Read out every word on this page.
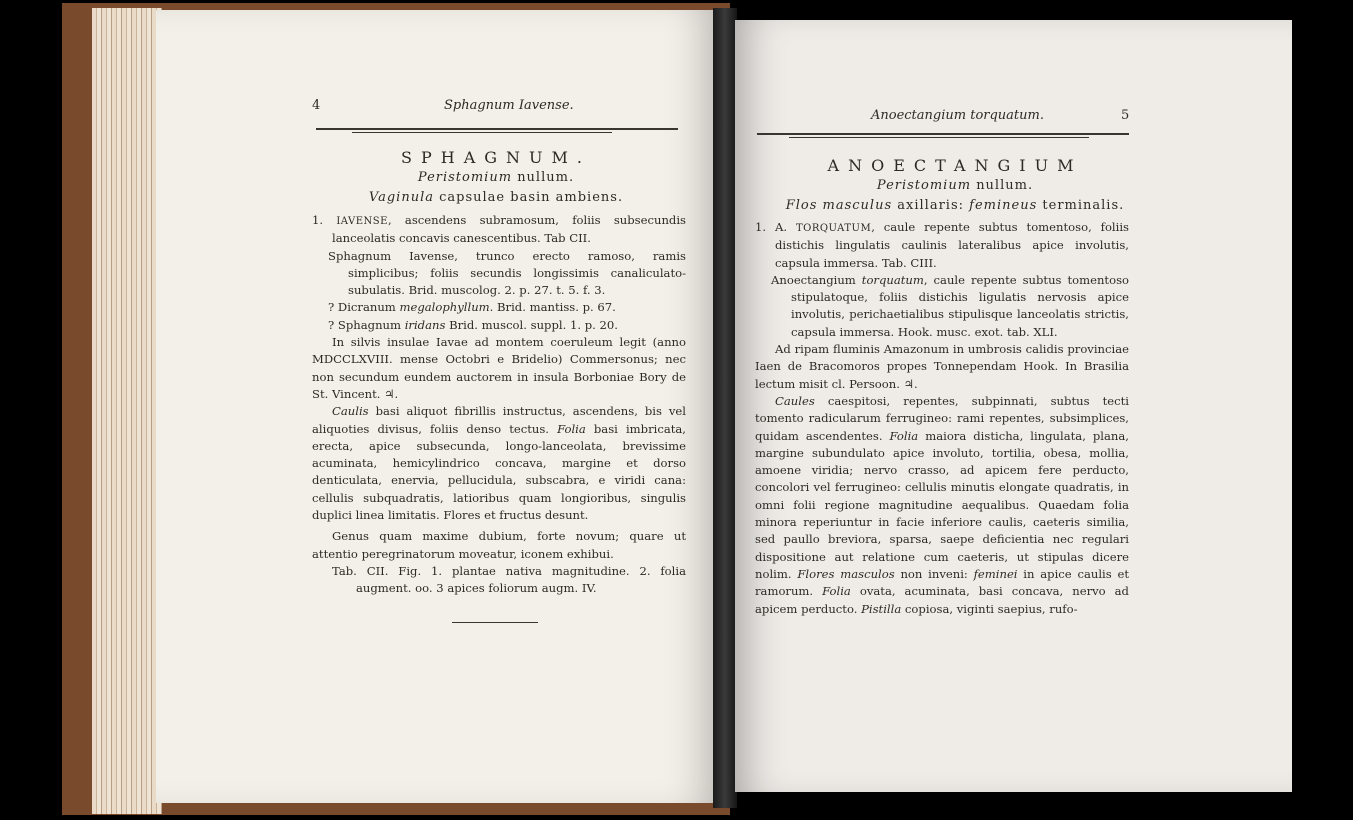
4	Sphagnum Iavense.
SPHAGNUM.
Peristomium nullum.
Vaginula capsulae basin ambiens.

1. IAVENSE, ascendens subramosum, foliis subsecundis lanceolatis concavis canescentibus. Tab CII.

Sphagnum Iavense, trunco erecto ramoso, ramis simplicibus; foliis secundis longissimis canaliculato-subulatis. Brid. muscolog. 2. p. 27. t. 5. f. 3.

? Dicranum megalophyllum. Brid. mantiss. p. 67.

? Sphagnum iridans Brid. muscol. suppl. 1. p. 20.

In silvis insulae Iavae ad montem coeruleum legit (anno MDCCLXVIII. mense Octobri e Bridelio) Commersonus; nec non secundum eundem auctorem in insula Borboniae Bory de St. Vincent. ♃.

Caulis basi aliquot fibrillis instructus, ascendens, bis vel aliquoties divisus, foliis denso tectus. Folia basi imbricata, erecta, apice subsecunda, longo-lanceolata, brevissime acuminata, hemicylindrico concava, margine et dorso denticulata, enervia, pellucidula, subscabra, e viridi cana: cellulis subquadratis, latioribus quam longioribus, singulis duplici linea limitatis. Flores et fructus desunt.

Genus quam maxime dubium, forte novum; quare ut attentio peregrinatorum moveatur, iconem exhibui.

Tab. CII. Fig. 1. plantae nativa magnitudine. 2. folia augment. oo. 3 apices foliorum augm. IV.

Anoectangium torquatum.	5
ANOECTANGIUM
Peristomium nullum.
Flos masculus axillaris: femineus terminalis.

1. A. TORQUATUM, caule repente subtus tomentoso, foliis distichis lingulatis caulinis lateralibus apice involutis, capsula immersa. Tab. CIII.

Anoectangium torquatum, caule repente subtus tomentoso stipulatoque, foliis distichis ligulatis nervosis apice involutis, perichaetialibus stipulisque lanceolatis strictis, capsula immersa. Hook. musc. exot. tab. XLI.

Ad ripam fluminis Amazonum in umbrosis calidis provinciae Iaen de Bracomoros propes Tonnependam Hook. In Brasilia lectum misit cl. Persoon. ♃.

Caules caespitosi, repentes, subpinnati, subtus tecti tomento radicularum ferrugineo: rami repentes, subsimplices, quidam ascendentes. Folia maiora disticha, lingulata, plana, margine subundulato apice involuto, tortilia, obesa, mollia, amoene viridia; nervo crasso, ad apicem fere perducto, concolori vel ferrugineo: cellulis minutis elongate quadratis, in omni folii regione magnitudine aequalibus. Quaedam folia minora reperiuntur in facie inferiore caulis, caeteris similia, sed paullo breviora, sparsa, saepe deficientia nec regulari dispositione aut relatione cum caeteris, ut stipulas dicere nolim. Flores masculos non inveni: feminei in apice caulis et ramorum. Folia ovata, acuminata, basi concava, nervo ad apicem perducto. Pistilla copiosa, viginti saepius, rufo-
